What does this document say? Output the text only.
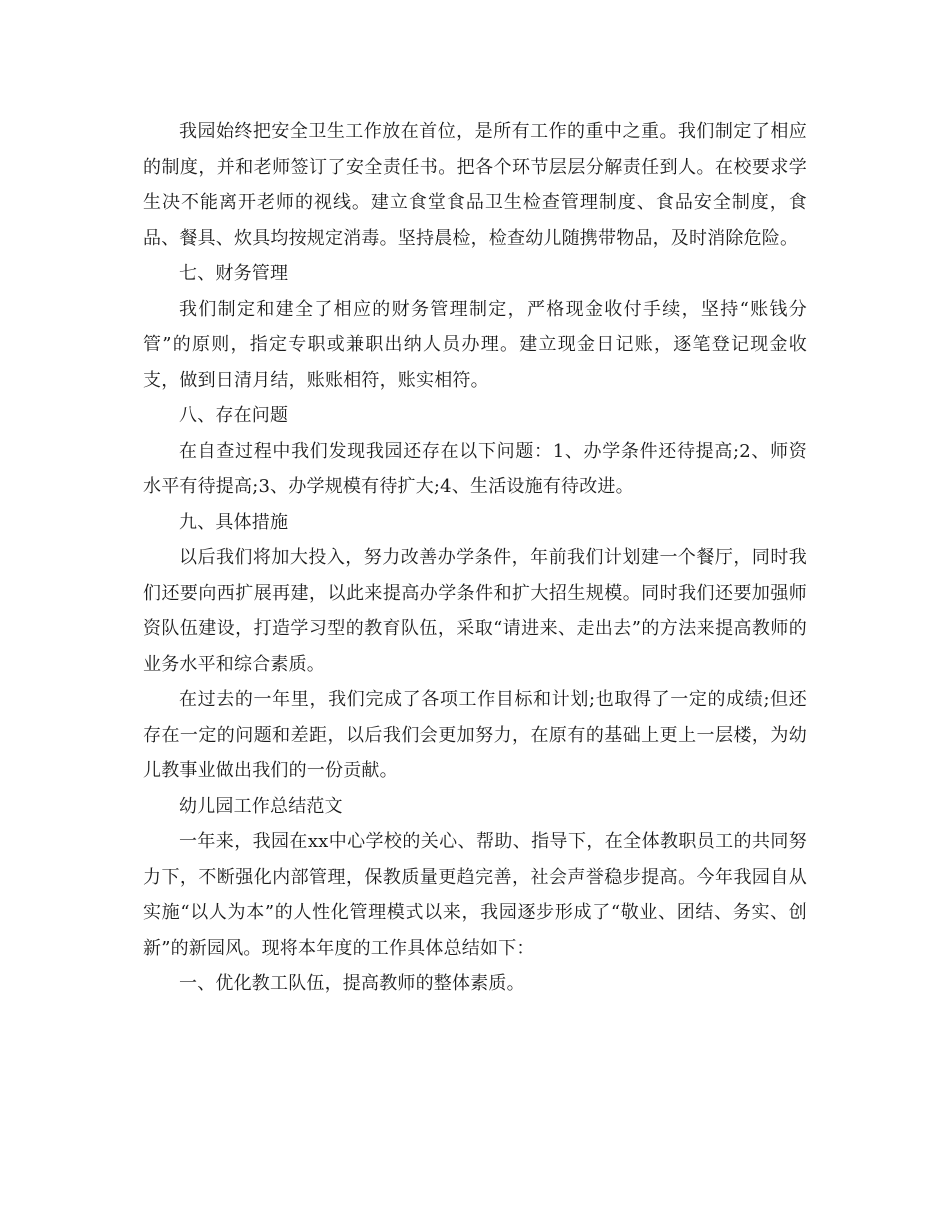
我园始终把安全卫生工作放在首位，是所有工作的重中之重。我们制定了相应的制度，并和老师签订了安全责任书。把各个环节层层分解责任到人。在校要求学生决不能离开老师的视线。建立食堂食品卫生检查管理制度、食品安全制度，食品、餐具、炊具均按规定消毒。坚持晨检，检查幼儿随携带物品，及时消除危险。

七、财务管理

我们制定和建全了相应的财务管理制定，严格现金收付手续，坚持“账钱分管”的原则，指定专职或兼职出纳人员办理。建立现金日记账，逐笔登记现金收支，做到日清月结，账账相符，账实相符。

八、存在问题

在自查过程中我们发现我园还存在以下问题：1、办学条件还待提高;2、师资水平有待提高;3、办学规模有待扩大;4、生活设施有待改进。

九、具体措施

以后我们将加大投入，努力改善办学条件，年前我们计划建一个餐厅，同时我们还要向西扩展再建，以此来提高办学条件和扩大招生规模。同时我们还要加强师资队伍建设，打造学习型的教育队伍，采取“请进来、走出去”的方法来提高教师的业务水平和综合素质。

在过去的一年里，我们完成了各项工作目标和计划;也取得了一定的成绩;但还存在一定的问题和差距，以后我们会更加努力，在原有的基础上更上一层楼，为幼儿教事业做出我们的一份贡献。

幼儿园工作总结范文

一年来，我园在xx中心学校的关心、帮助、指导下，在全体教职员工的共同努力下，不断强化内部管理，保教质量更趋完善，社会声誉稳步提高。今年我园自从实施“以人为本”的人性化管理模式以来，我园逐步形成了“敬业、团结、务实、创新”的新园风。现将本年度的工作具体总结如下：

一、优化教工队伍，提高教师的整体素质。
